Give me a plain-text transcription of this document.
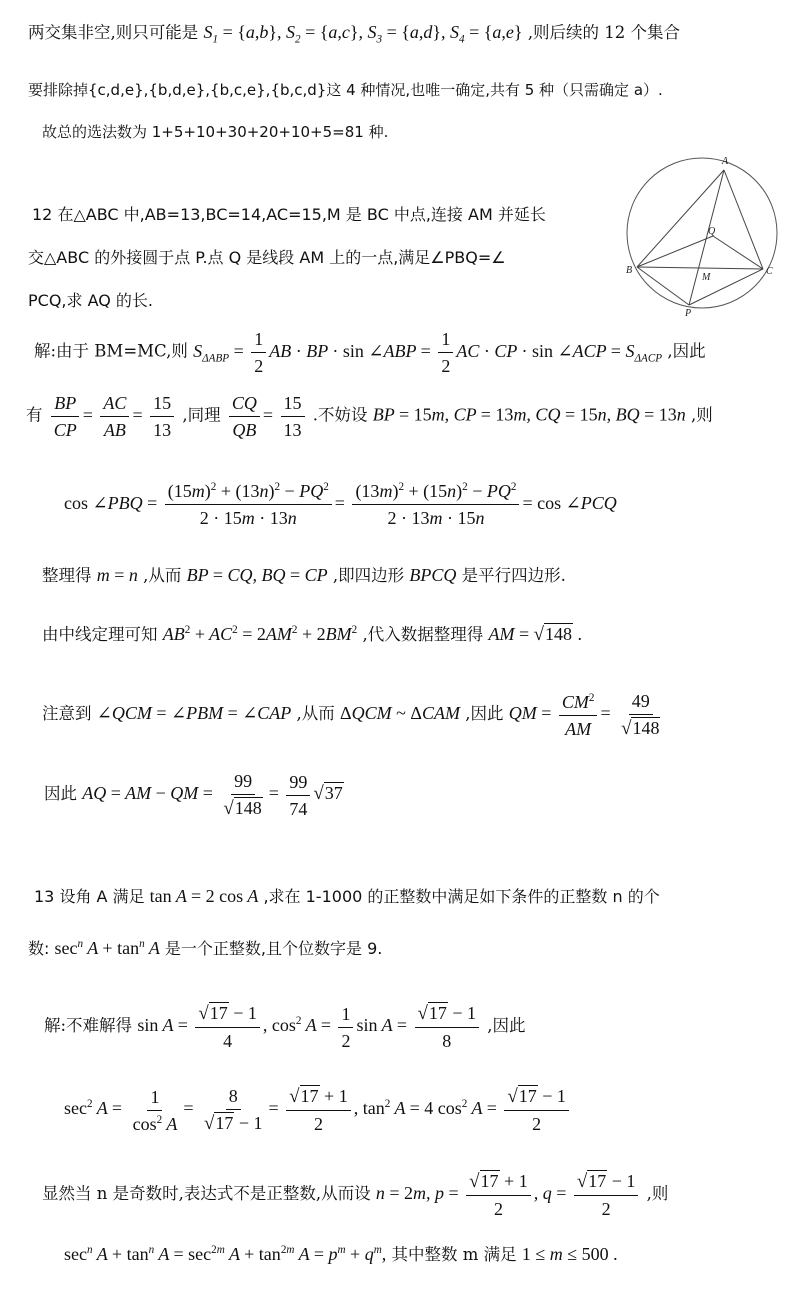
两交集非空,则只可能是 $S_1 = \{a,b\}$, $S_2 = \{a,c\}$, $S_3 = \{a,d\}$, $S_4 = \{a,e\}$ ,则后续的 12 个集合
要排除掉{c,d,e},{b,d,e},{b,c,e},{b,c,d}这 4 种情况,也唯一确定,共有 5 种（只需确定 a）.
故总的选法数为 1+5+10+30+20+10+5=81 种.
12 在△ABC 中,AB=13,BC=14,AC=15,M 是 BC 中点,连接 AM 并延长
交△ABC 的外接圆于点 P.点 Q 是线段 AM 上的一点,满足∠PBQ=∠
PCQ,求 AQ 的长.
A
B	C
M
Q
P
解:由于 BM=MC,则 $S_{\Delta ABP} = \frac{1}{2}$ AB · BP · sin ∠ABP = $\frac{1}{2}$ AC · CP · sin ∠ACP = $S_{\Delta ACP}$ ,因此
有 $\frac{BP}{CP} = \frac{AC}{AB} = \frac{15}{13}$ ,同理 $\frac{CQ}{QB} = \frac{15}{13}$ .不妨设 BP = 15m, CP = 13m, CQ = 15n, BQ = 13n ,则
cos ∠PBQ = $\frac{(15m)^2 + (13n)^2 - PQ^2}{2 \cdot 15m \cdot 13n} = \frac{(13m)^2 + (15n)^2 - PQ^2}{2 \cdot 13m \cdot 15n} = \cos$ ∠PCQ
整理得 m = n ,从而 BP = CQ, BQ = CP ,即四边形 BPCQ 是平行四边形.
由中线定理可知 $AB^2 + AC^2 = 2AM^2 + 2BM^2$ ,代入数据整理得 AM = √148 .
注意到 ∠QCM = ∠PBM = ∠CAP ,从而 ΔQCM ~ ΔCAM ,因此 QM = $\frac{CM^2}{AM} = \frac{49}{√148}$
因此 AQ = AM − QM = $\frac{99}{√148} = \frac{99}{74} √37$
13 设角 A 满足 tan A = 2 cos A ,求在 1-1000 的正整数中满足如下条件的正整数 n 的个
数: $\sec^n A + \tan^n A$ 是一个正整数,且个位数字是 9.
解:不难解得 $\sin A = \frac{√17 - 1}{4}$ , $\cos^2 A = \frac{1}{2}$ $\sin A = \frac{√17 - 1}{8}$ ,因此
$\sec^2 A = \frac{1}{\cos^2 A} = \frac{8}{√17 - 1} = \frac{√17 + 1}{2}$ , $\tan^2 A = 4$ $\cos^2 A = \frac{√17 - 1}{2}$
显然当 n 是奇数时,表达式不是正整数,从而设 n = 2m, $p = \frac{√17 + 1}{2}$ , $q = \frac{√17 - 1}{2}$ ,则
$\sec^n A + \tan^n A = \sec^{2m} A + \tan^{2m} A = p^m + q^m$, 其中整数 m 满足 1 ≤ m ≤ 500 .
